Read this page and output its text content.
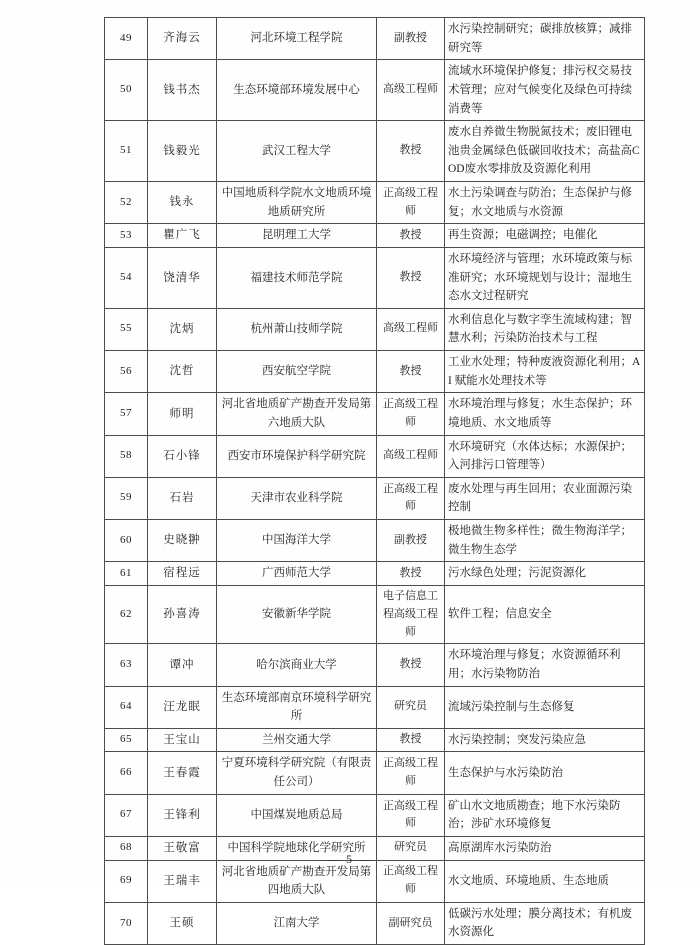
49	齐海云	河北环境工程学院	副教授	水污染控制研究；碳排放核算；减排研究等
50	钱书杰	生态环境部环境发展中心	高级工程师	流域水环境保护修复；排污权交易技术管理；应对气候变化及绿色可持续消费等
51	钱毅光	武汉工程大学	教授	废水自养微生物脱氮技术；废旧锂电池贵金属绿色低碳回收技术；高盐高COD废水零排放及资源化利用
52	钱永	中国地质科学院水文地质环境地质研究所	正高级工程师	水土污染调查与防治；生态保护与修复；水文地质与水资源
53	瞿广飞	昆明理工大学	教授	再生资源；电磁调控；电催化
54	饶清华	福建技术师范学院	教授	水环境经济与管理；水环境政策与标准研究；水环境规划与设计；湿地生态水文过程研究
55	沈炳	杭州萧山技师学院	高级工程师	水利信息化与数字孪生流域构建；智慧水利；污染防治技术与工程
56	沈哲	西安航空学院	教授	工业水处理；特种废液资源化利用；AI 赋能水处理技术等
57	师明	河北省地质矿产勘查开发局第六地质大队	正高级工程师	水环境治理与修复；水生态保护；环境地质、水文地质等
58	石小锋	西安市环境保护科学研究院	高级工程师	水环境研究（水体达标；水源保护；入河排污口管理等）
59	石岩	天津市农业科学院	正高级工程师	废水处理与再生回用；农业面源污染控制
60	史晓翀	中国海洋大学	副教授	极地微生物多样性；微生物海洋学；微生物生态学
61	宿程远	广西师范大学	教授	污水绿色处理；污泥资源化
62	孙喜涛	安徽新华学院	电子信息工程高级工程师	软件工程；信息安全
63	谭冲	哈尔滨商业大学	教授	水环境治理与修复；水资源循环利用；水污染物防治
64	汪龙眠	生态环境部南京环境科学研究所	研究员	流域污染控制与生态修复
65	王宝山	兰州交通大学	教授	水污染控制；突发污染应急
66	王春霞	宁夏环境科学研究院（有限责任公司）	正高级工程师	生态保护与水污染防治
67	王锋利	中国煤炭地质总局	正高级工程师	矿山水文地质勘查；地下水污染防治；涉矿水环境修复
68	王敬富	中国科学院地球化学研究所	研究员	高原湖库水污染防治
69	王瑞丰	河北省地质矿产勘查开发局第四地质大队	正高级工程师	水文地质、环境地质、生态地质
70	王硕	江南大学	副研究员	低碳污水处理；膜分离技术；有机废水资源化
— 5 —
